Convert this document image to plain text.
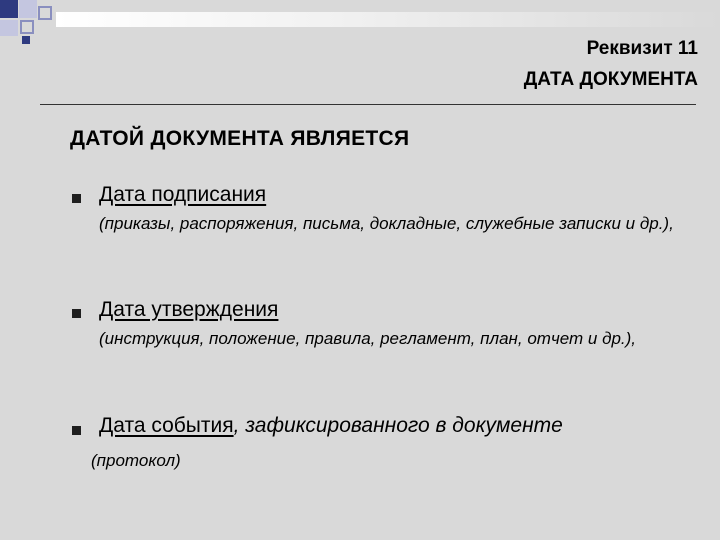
Реквизит 11
ДАТА ДОКУМЕНТА
ДАТОЙ ДОКУМЕНТА ЯВЛЯЕТСЯ
Дата подписания
(приказы, распоряжения, письма, докладные, служебные записки и др.),
Дата утверждения
(инструкция, положение, правила, регламент, план, отчет и др.),
Дата события, зафиксированного в документе
(протокол)
